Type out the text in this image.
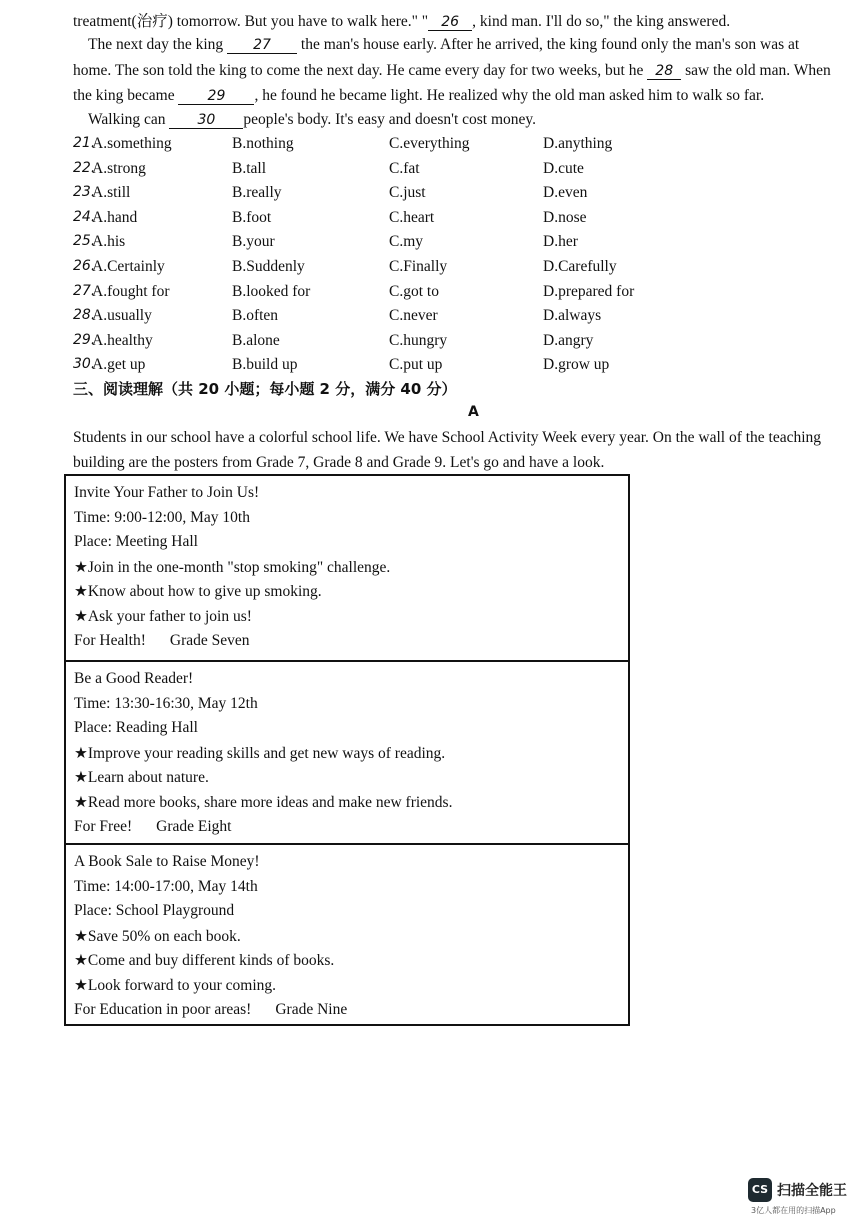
treatment(治疗) tomorrow. But you have to walk here." " 26 , kind man. I'll do so," the king answered.
The next day the king 27 the man's house early. After he arrived, the king found only the man's son was at
home. The son told the king to come the next day. He came every day for two weeks, but he 28 saw the old man. When
the king became 29 , he found he became light. He realized why the old man asked him to walk so far.
Walking can 30 people's body. It's easy and doesn't cost money.
21.
A.something	B.nothing	C.everything	D.anything
22.
A.strong	B.tall	C.fat	D.cute
23.
A.still	B.really	C.just	D.even
24.
A.hand	B.foot	C.heart	D.nose
25.
A.his	B.your	C.my	D.her
26.
A.Certainly	B.Suddenly	C.Finally	D.Carefully
27.
A.fought for	B.looked for	C.got to	D.prepared for
28.
A.usually	B.often	C.never	D.always
29.
A.healthy	B.alone	C.hungry	D.angry
30.
A.get up	B.build up	C.put up	D.grow up
三、阅读理解（共 20 小题；每小题 2 分，满分 40 分）
A
Students in our school have a colorful school life. We have School Activity Week every year. On the wall of the teaching
building are the posters from Grade 7, Grade 8 and Grade 9. Let's go and have a look.
Invite Your Father to Join Us!
Time: 9:00-12:00, May 10th
Place: Meeting Hall
★Join in the one-month "stop smoking" challenge.
★Know about how to give up smoking.
★Ask your father to join us!
For Health! Grade Seven
Be a Good Reader!
Time: 13:30-16:30, May 12th
Place: Reading Hall
★Improve your reading skills and get new ways of reading.
★Learn about nature.
★Read more books, share more ideas and make new friends.
For Free! Grade Eight
A Book Sale to Raise Money!
Time: 14:00-17:00, May 14th
Place: School Playground
★Save 50% on each book.
★Come and buy different kinds of books.
★Look forward to your coming.
For Education in poor areas! Grade Nine
CS 扫描全能王
3亿人都在用的扫描App
